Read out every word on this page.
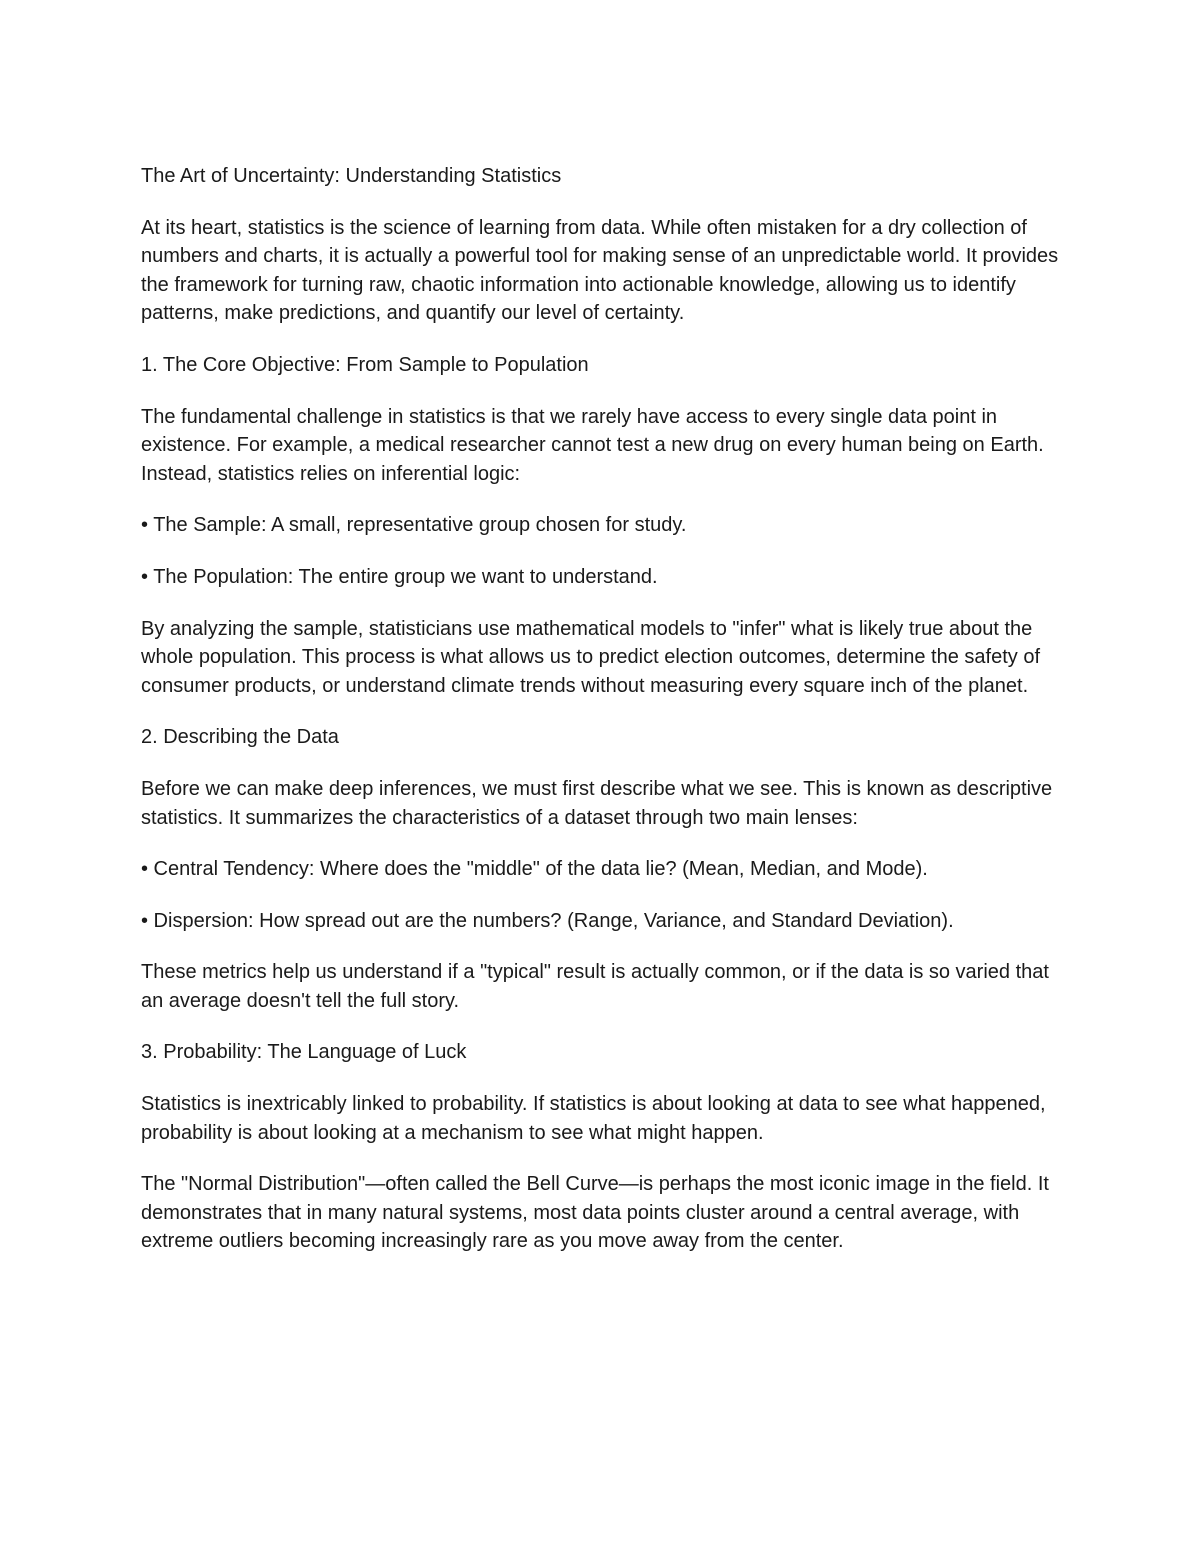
The Art of Uncertainty: Understanding Statistics

At its heart, statistics is the science of learning from data. While often mistaken for a dry collection of numbers and charts, it is actually a powerful tool for making sense of an unpredictable world. It provides the framework for turning raw, chaotic information into actionable knowledge, allowing us to identify patterns, make predictions, and quantify our level of certainty.

1. The Core Objective: From Sample to Population

The fundamental challenge in statistics is that we rarely have access to every single data point in existence. For example, a medical researcher cannot test a new drug on every human being on Earth. Instead, statistics relies on inferential logic:

• The Sample: A small, representative group chosen for study.

• The Population: The entire group we want to understand.

By analyzing the sample, statisticians use mathematical models to "infer" what is likely true about the whole population. This process is what allows us to predict election outcomes, determine the safety of consumer products, or understand climate trends without measuring every square inch of the planet.

2. Describing the Data

Before we can make deep inferences, we must first describe what we see. This is known as descriptive statistics. It summarizes the characteristics of a dataset through two main lenses:

• Central Tendency: Where does the "middle" of the data lie? (Mean, Median, and Mode).

• Dispersion: How spread out are the numbers? (Range, Variance, and Standard Deviation).

These metrics help us understand if a "typical" result is actually common, or if the data is so varied that an average doesn't tell the full story.

3. Probability: The Language of Luck

Statistics is inextricably linked to probability. If statistics is about looking at data to see what happened, probability is about looking at a mechanism to see what might happen.

The "Normal Distribution"—often called the Bell Curve—is perhaps the most iconic image in the field. It demonstrates that in many natural systems, most data points cluster around a central average, with extreme outliers becoming increasingly rare as you move away from the center.
